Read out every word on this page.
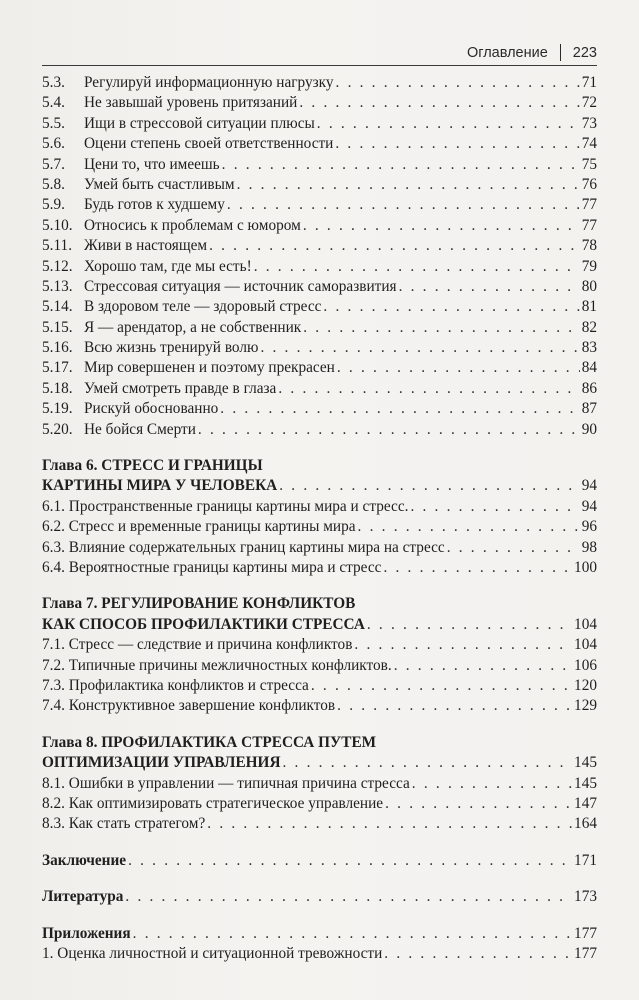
Оглавление 223
5.3.	Регулируй информационную нагрузку . . .	71
5.4.	Не завышай уровень притязаний . . .	72
5.5.	Ищи в стрессовой ситуации плюсы . . .	73
5.6.	Оцени степень своей ответственности . . .	74
5.7.	Цени то, что имеешь . . .	75
5.8.	Умей быть счастливым . . .	76
5.9.	Будь готов к худшему . . .	77
5.10. Относись к проблемам с юмором . . .	77
5.11. Живи в настоящем . . .	78
5.12. Хорошо там, где мы есть! . . .	79
5.13. Стрессовая ситуация — источник саморазвития . . .	80
5.14. В здоровом теле — здоровый стресс . . .	81
5.15. Я — арендатор, а не собственник . . .	82
5.16. Всю жизнь тренируй волю . . .	83
5.17. Мир совершенен и поэтому прекрасен . . .	84
5.18. Умей смотреть правде в глаза . . .	86
5.19. Рискуй обоснованно . . .	87
5.20. Не бойся Смерти . . .	90
Глава 6. СТРЕСС И ГРАНИЦЫ
КАРТИНЫ МИРА У ЧЕЛОВЕКА . . .	94
6.1. Пространственные границы картины мира и стресс. . . .	94
6.2. Стресс и временные границы картины мира . . .	96
6.3. Влияние содержательных границ картины мира на стресс . . .	98
6.4. Вероятностные границы картины мира и стресс . . .	100
Глава 7. РЕГУЛИРОВАНИЕ КОНФЛИКТОВ
КАК СПОСОБ ПРОФИЛАКТИКИ СТРЕССА . . .	104
7.1. Стресс — следствие и причина конфликтов . . .	104
7.2. Типичные причины межличностных конфликтов. . . .	106
7.3. Профилактика конфликтов и стресса . . .	120
7.4. Конструктивное завершение конфликтов . . .	129
Глава 8. ПРОФИЛАКТИКА СТРЕССА ПУТЕМ
ОПТИМИЗАЦИИ УПРАВЛЕНИЯ . . .	145
8.1. Ошибки в управлении — типичная причина стресса . . .	145
8.2. Как оптимизировать стратегическое управление . . .	147
8.3. Как стать стратегом? . . .	164
Заключение . . .	171
Литература . . .	173
Приложения . . .	177
1. Оценка личностной и ситуационной тревожности . . .	177
